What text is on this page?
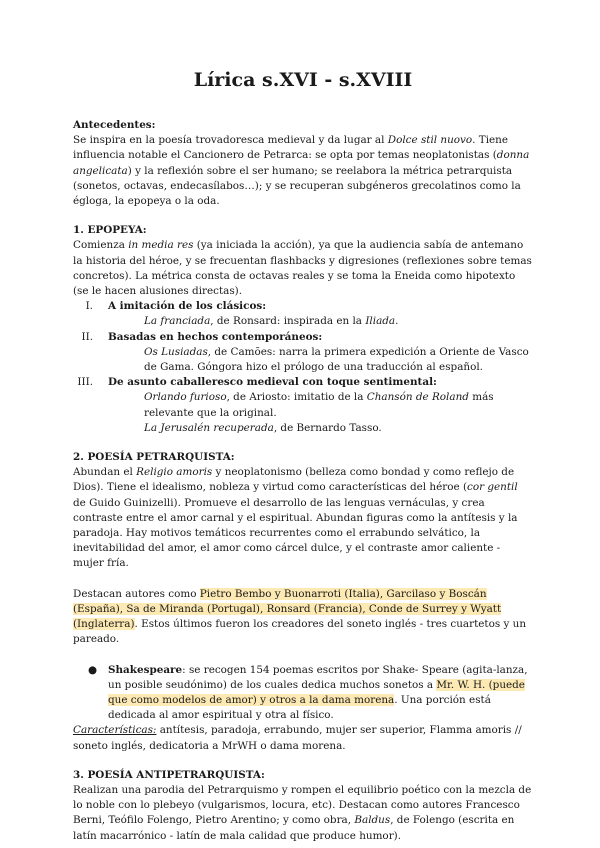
Lírica s.XVI - s.XVIII
Antecedentes:

Se inspira en la poesía trovadoresca medieval y da lugar al Dolce stil nuovo. Tiene influencia notable el Cancionero de Petrarca: se opta por temas neoplatonistas (donna angelicata) y la reflexión sobre el ser humano; se reelabora la métrica petrarquista (sonetos, octavas, endecasílabos…); y se recuperan subgéneros grecolatinos como la égloga, la epopeya o la oda.

1. EPOPEYA:

Comienza in media res (ya iniciada la acción), ya que la audiencia sabía de antemano la historia del héroe, y se frecuentan flashbacks y digresiones (reflexiones sobre temas concretos). La métrica consta de octavas reales y se toma la Eneida como hipotexto (se le hacen alusiones directas).

I. A imitación de los clásicos:
La franciada, de Ronsard: inspirada en la Iliada.
II. Basadas en hechos contemporáneos:
Os Lusiadas, de Camões: narra la primera expedición a Oriente de Vasco de Gama. Góngora hizo el prólogo de una traducción al español.
III. De asunto caballeresco medieval con toque sentimental:
Orlando furioso, de Ariosto: imitatio de la Chansón de Roland más relevante que la original.
La Jerusalén recuperada, de Bernardo Tasso.
2. POESÍA PETRARQUISTA:

Abundan el Religio amoris y neoplatonismo (belleza como bondad y como reflejo de Dios). Tiene el idealismo, nobleza y virtud como características del héroe (cor gentil de Guido Guinizelli). Promueve el desarrollo de las lenguas vernáculas, y crea contraste entre el amor carnal y el espiritual. Abundan figuras como la antítesis y la paradoja. Hay motivos temáticos recurrentes como el errabundo selvático, la inevitabilidad del amor, el amor como cárcel dulce, y el contraste amor caliente - mujer fría.

Destacan autores como Pietro Bembo y Buonarroti (Italia), Garcilaso y Boscán (España), Sa de Miranda (Portugal), Ronsard (Francia), Conde de Surrey y Wyatt (Inglaterra). Estos últimos fueron los creadores del soneto inglés - tres cuartetos y un pareado.

● Shakespeare: se recogen 154 poemas escritos por Shake- Speare (agita-lanza, un posible seudónimo) de los cuales dedica muchos sonetos a Mr. W. H. (puede que como modelos de amor) y otros a la dama morena. Una porción está dedicada al amor espiritual y otra al físico.

Características: antítesis, paradoja, errabundo, mujer ser superior, Flamma amoris // soneto inglés, dedicatoria a MrWH o dama morena.

3. POESÍA ANTIPETRARQUISTA:

Realizan una parodia del Petrarquismo y rompen el equilibrio poético con la mezcla de lo noble con lo plebeyo (vulgarismos, locura, etc). Destacan como autores Francesco Berni, Teófilo Folengo, Pietro Arentino; y como obra, Baldus, de Folengo (escrita en latín macarrónico - latín de mala calidad que produce humor).
